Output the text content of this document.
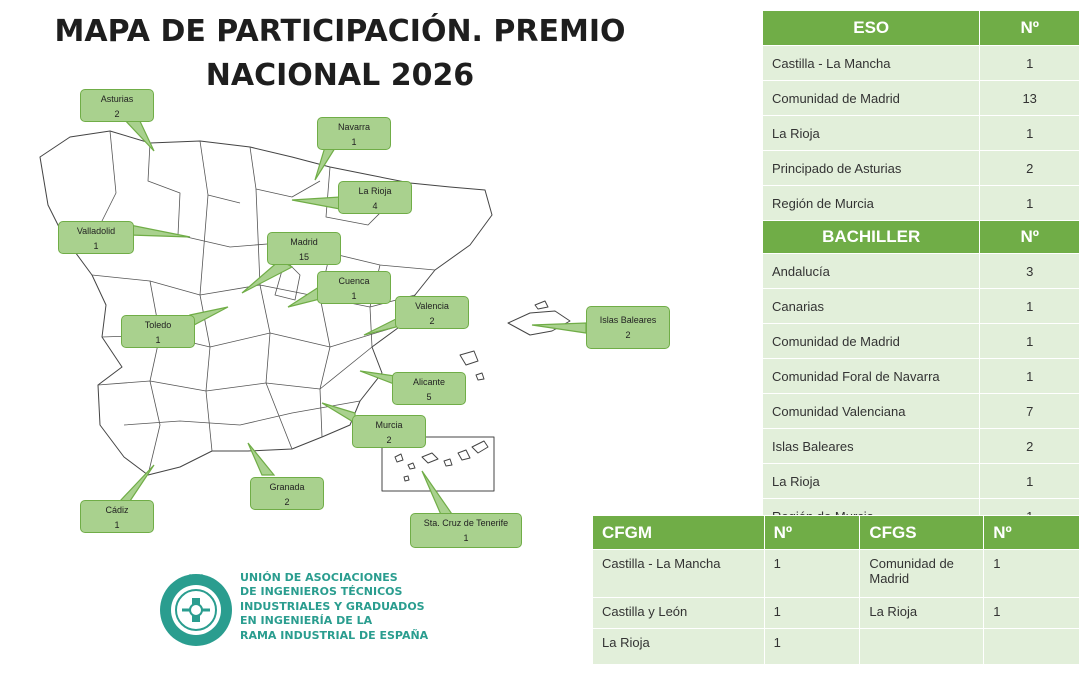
MAPA DE PARTICIPACIÓN. PREMIO
NACIONAL 2026
Asturias
2
Navarra
1
La Rioja
4
Valladolid
1	Madrid
15
Cuenca
1
Valencia
2	Islas Baleares
2
Toledo
1
Alicante
5
Murcia
2
Granada
2
Cádiz
1	Sta. Cruz de Tenerife
1
ESO	Nº
Castilla - La Mancha	1
Comunidad de Madrid	13
La Rioja	1
Principado de Asturias	2
Región de Murcia	1
BACHILLER	Nº
Andalucía	3
Canarias	1
Comunidad de Madrid	1
Comunidad Foral de Navarra	1
Comunidad Valenciana	7
Islas Baleares	2
La Rioja	1

CFGM	Nº	CFGS	Nº
Castilla - La Mancha	1	Comunidad de Madrid	1
Castilla y León	1	La Rioja	1
La Rioja	1		
UNIÓN DE ASOCIACIONES
DE INGENIEROS TÉCNICOS
INDUSTRIALES Y GRADUADOS
EN INGENIERÍA DE LA
RAMA INDUSTRIAL DE ESPAÑA
